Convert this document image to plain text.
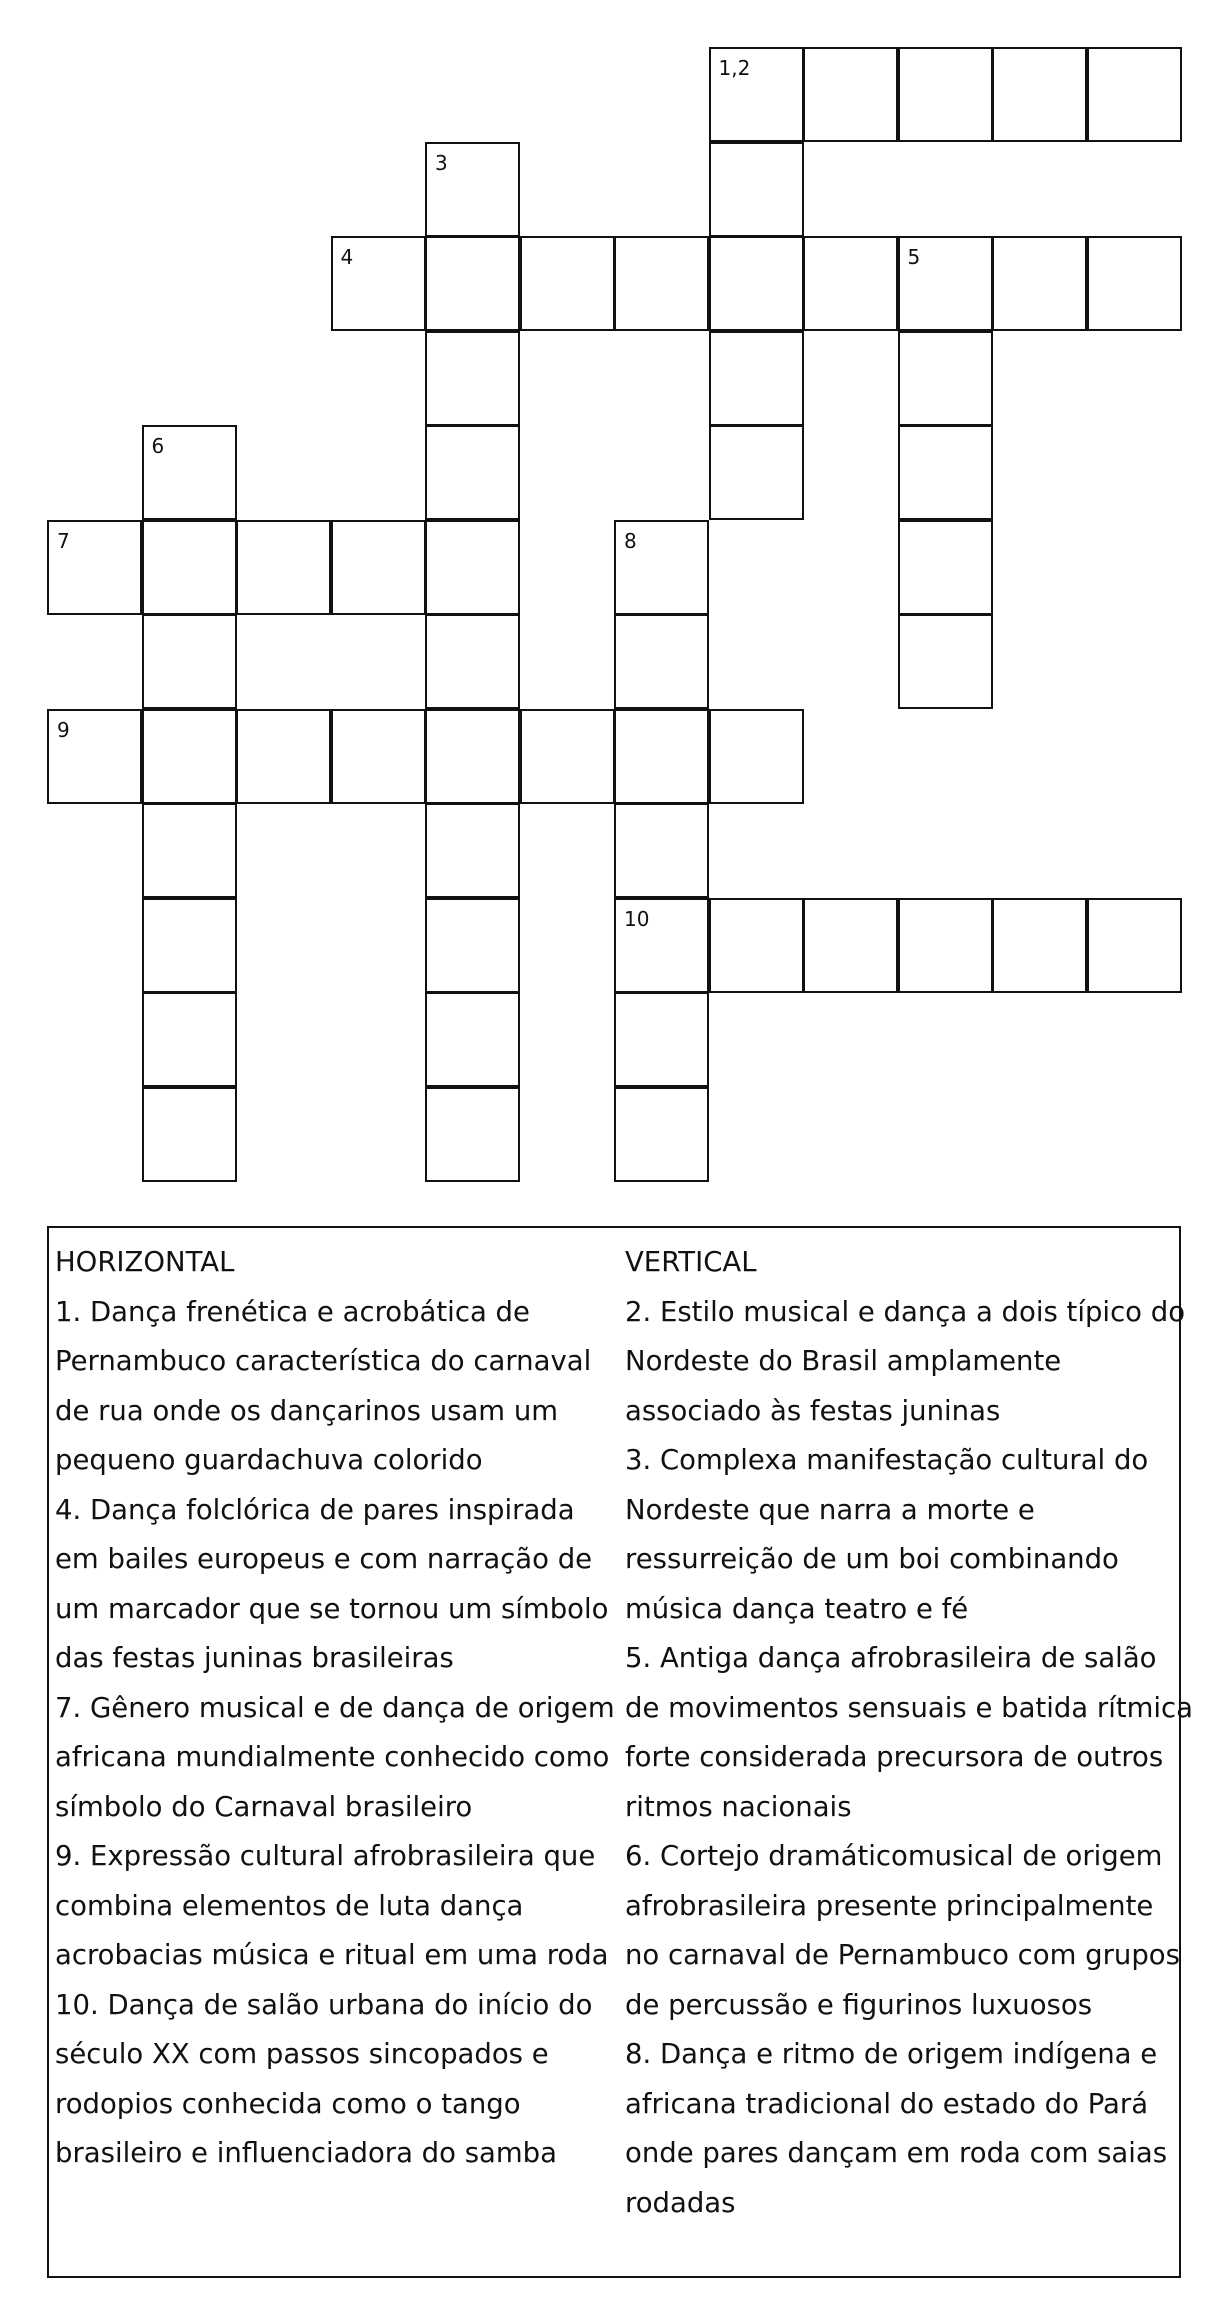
1,2
3
4	5
6
7	8
9
10
HORIZONTAL
1. Dança frenética e acrobática de
Pernambuco característica do carnaval
de rua onde os dançarinos usam um
pequeno guardachuva colorido
4. Dança folclórica de pares inspirada
em bailes europeus e com narração de
um marcador que se tornou um símbolo
das festas juninas brasileiras
7. Gênero musical e de dança de origem
africana mundialmente conhecido como
símbolo do Carnaval brasileiro
9. Expressão cultural afrobrasileira que
combina elementos de luta dança
acrobacias música e ritual em uma roda
10. Dança de salão urbana do início do
século XX com passos sincopados e
rodopios conhecida como o tango
brasileiro e influenciadora do samba
VERTICAL
2. Estilo musical e dança a dois típico do
Nordeste do Brasil amplamente
associado às festas juninas
3. Complexa manifestação cultural do
Nordeste que narra a morte e
ressurreição de um boi combinando
música dança teatro e fé
5. Antiga dança afrobrasileira de salão
de movimentos sensuais e batida rítmica
forte considerada precursora de outros
ritmos nacionais
6. Cortejo dramáticomusical de origem
afrobrasileira presente principalmente
no carnaval de Pernambuco com grupos
de percussão e figurinos luxuosos
8. Dança e ritmo de origem indígena e
africana tradicional do estado do Pará
onde pares dançam em roda com saias
rodadas
